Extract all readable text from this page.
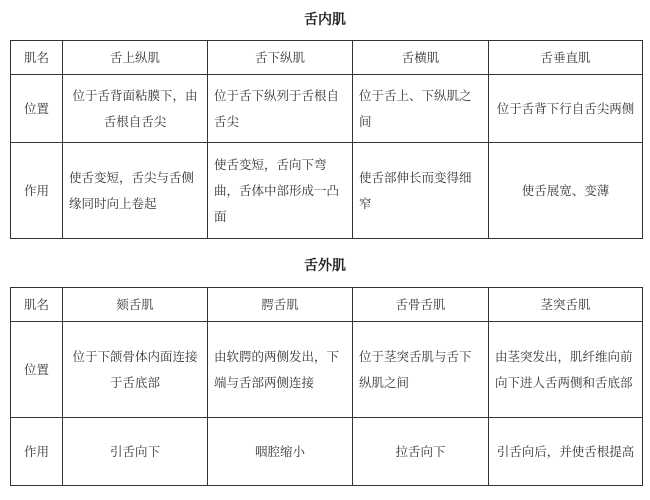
舌内肌
肌名	舌上纵肌	舌下纵肌	舌横肌	舌垂直肌
位置	位于舌背面粘膜下，由舌根自舌尖	位于舌下纵列于舌根自舌尖	位于舌上、下纵肌之间	位于舌背下行自舌尖两侧
作用	使舌变短，舌尖与舌侧缘同时向上卷起	使舌变短，舌向下弯曲，舌体中部形成一凸面	使舌部伸长而变得细窄	使舌展宽、变薄
舌外肌
肌名	颏舌肌	腭舌肌	舌骨舌肌	茎突舌肌
位置	位于下颌骨体内面连接于舌底部	由软腭的两侧发出，下端与舌部两侧连接	位于茎突舌肌与舌下纵肌之间	由茎突发出，肌纤维向前向下进人舌两侧和舌底部
作用	引舌向下	咽腔缩小	拉舌向下	引舌向后，并使舌根提高
